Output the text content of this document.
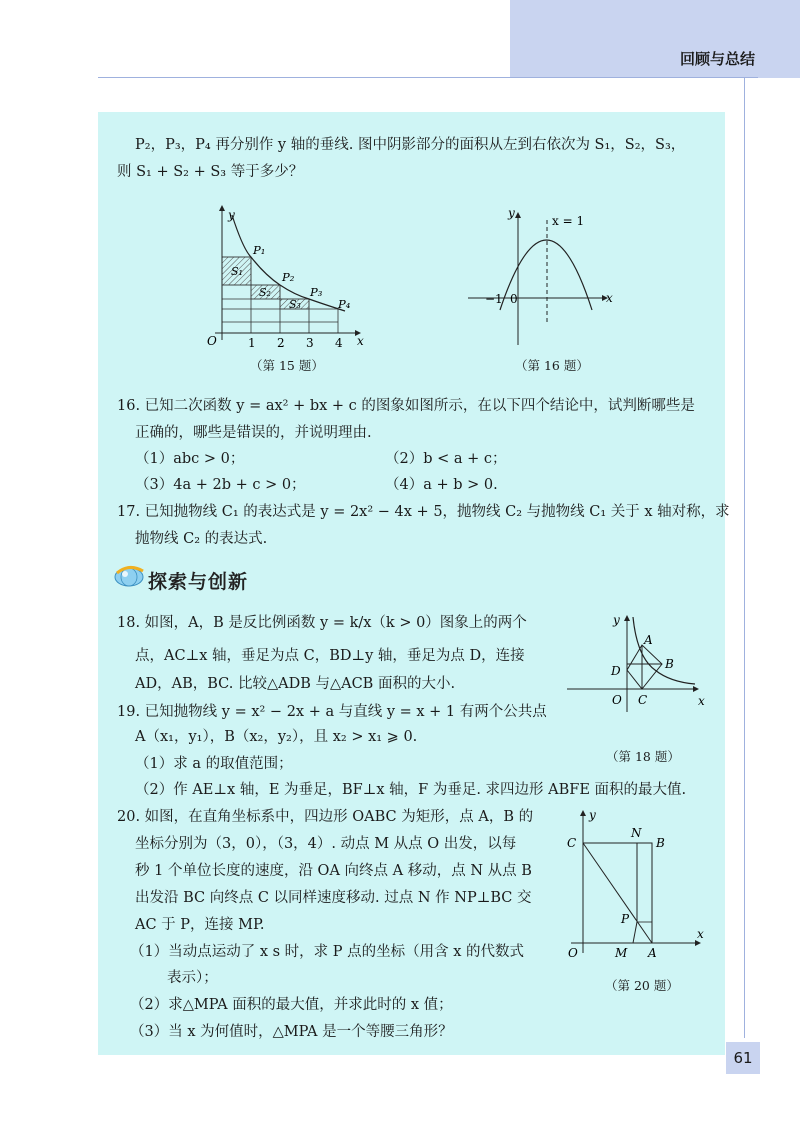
回顾与总结
P₂，P₃，P₄ 再分别作 y 轴的垂线. 图中阴影部分的面积从左到右依次为 S₁，S₂，S₃，
则 S₁ + S₂ + S₃ 等于多少？
y
x
O	1 2 3 4
P₁
P₂
P₃
P₄
S₁
S₂
S₃
（第 15 题）
y
x
0
−1
x = 1
（第 16 题）
16. 已知二次函数 y = ax² + bx + c 的图象如图所示，在以下四个结论中，试判断哪些是
正确的，哪些是错误的，并说明理由.
（1）abc > 0；	（2）b < a + c；
（3）4a + 2b + c > 0；	（4）a + b > 0.
17. 已知抛物线 C₁ 的表达式是 y = 2x² − 4x + 5，抛物线 C₂ 与抛物线 C₁ 关于 x 轴对称，求
抛物线 C₂ 的表达式.
探索与创新
18. 如图，A，B 是反比例函数 y = k/x（k > 0）图象上的两个
点，AC⊥x 轴，垂足为点 C，BD⊥y 轴，垂足为点 D，连接
AD，AB，BC. 比较△ADB 与△ACB 面积的大小.
y
x
O
A
B
C
D
（第 18 题）
19. 已知抛物线 y = x² − 2x + a 与直线 y = x + 1 有两个公共点
A（x₁，y₁），B（x₂，y₂），且 x₂ > x₁ ⩾ 0.
（1）求 a 的取值范围；
（2）作 AE⊥x 轴，E 为垂足，BF⊥x 轴，F 为垂足. 求四边形 ABFE 面积的最大值.
20. 如图，在直角坐标系中，四边形 OABC 为矩形，点 A，B 的
坐标分别为（3，0），（3，4）. 动点 M 从点 O 出发，以每
秒 1 个单位长度的速度，沿 OA 向终点 A 移动，点 N 从点 B
出发沿 BC 向终点 C 以同样速度移动. 过点 N 作 NP⊥BC 交
AC 于 P，连接 MP.
（1）当动点运动了 x s 时，求 P 点的坐标（用含 x 的代数式
表示）；
（2）求△MPA 面积的最大值，并求此时的 x 值；
（3）当 x 为何值时，△MPA 是一个等腰三角形？
y
x
O
C
N
B
P
M A
（第 20 题）
61
